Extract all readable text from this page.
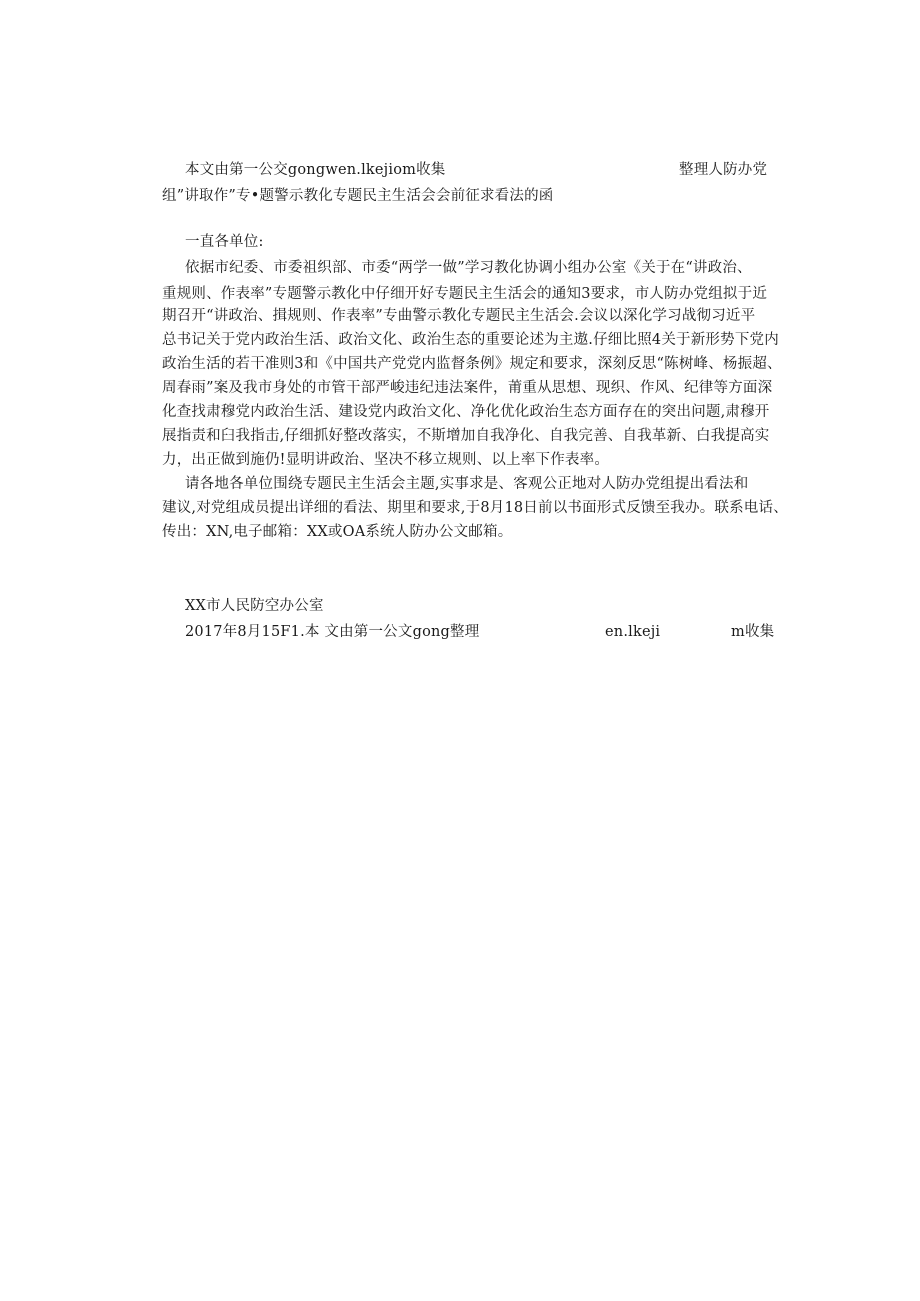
本文由第一公交gongwen.lkejiom收集	整理人防办党
组”讲取作”专•题警示教化专题民主生活会会前征求看法的函
一直各单位:
依据市纪委、市委祖织部、市委“两学一做”学习教化协调小组办公室《关于在“讲政治、
重规则、作表率”专题警示教化中仔细开好专题民主生活会的通知3要求，市人防办党组拟于近
期召开“讲政治、揖规则、作表率”专曲警示教化专题民主生活会.会议以深化学习战彻习近平
总书记关于党内政治生活、政治文化、政治生态的重要论述为主遨.仔细比照4关于新形势下党内
政治生活的若干准则3和《中国共产党党内监督条例》规定和要求，深刻反思“陈树峰、杨振超、
周春雨”案及我市身处的市管干部严峻违纪违法案件，莆重从思想、现织、作风、纪律等方面深
化查找肃穆党内政治生活、建设党内政治文化、净化优化政治生态方面存在的突出问题,肃穆开
展指责和臼我指击,仔细抓好整改落实，不斯增加自我净化、自我完善、自我革新、白我提高实
力，出正做到施仍!显明讲政治、坚决不移立规则、以上率下作表率。
请各地各单位围绕专题民主生活会主题,实事求是、客观公正地对人防办党组提出看法和
建议,对党组成员提出详细的看法、期里和要求,于8月18日前以书面形式反馈至我办。联系电话、
传出：XN,电子邮箱：XX或OA系统人防办公文邮箱。
XX市人民防空办公室
2017年8月15F1.本 文由第一公文gong整理	en.lkeji	m收集
